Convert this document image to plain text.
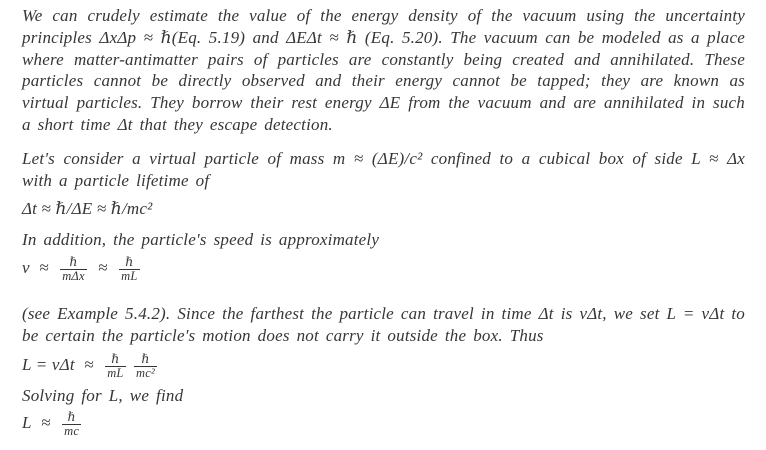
We can crudely estimate the value of the energy density of the vacuum using the uncertainty principles ΔxΔp ≈ ℏ(Eq. 5.19) and ΔEΔt ≈ ℏ (Eq. 5.20). The vacuum can be modeled as a place where matter-antimatter pairs of particles are constantly being created and annihilated. These particles cannot be directly observed and their energy cannot be tapped; they are known as virtual particles. They borrow their rest energy ΔE from the vacuum and are annihilated in such a short time Δt that they escape detection.

Let's consider a virtual particle of mass m ≈ (ΔE)/c² confined to a cubical box of side L ≈ Δx with a particle lifetime of

Δt ≈ ℏ/ΔE ≈ ℏ/mc²

In addition, the particle's speed is approximately

$v \approx \frac{\text{ℏ}}{\text{mΔx}} \approx \frac{\text{ℏ}}{mL}$

(see Example 5.4.2). Since the farthest the particle can travel in time Δt is vΔt, we set L = vΔt to be certain the particle's motion does not carry it outside the box. Thus

$L = v\Delta t \approx \frac{\text{ℏ}}{mL}$
$\frac{\text{ℏ}}{\text{mc²}}$

Solving for L, we find

$L \approx \frac{\text{ℏ}}{mc}$
